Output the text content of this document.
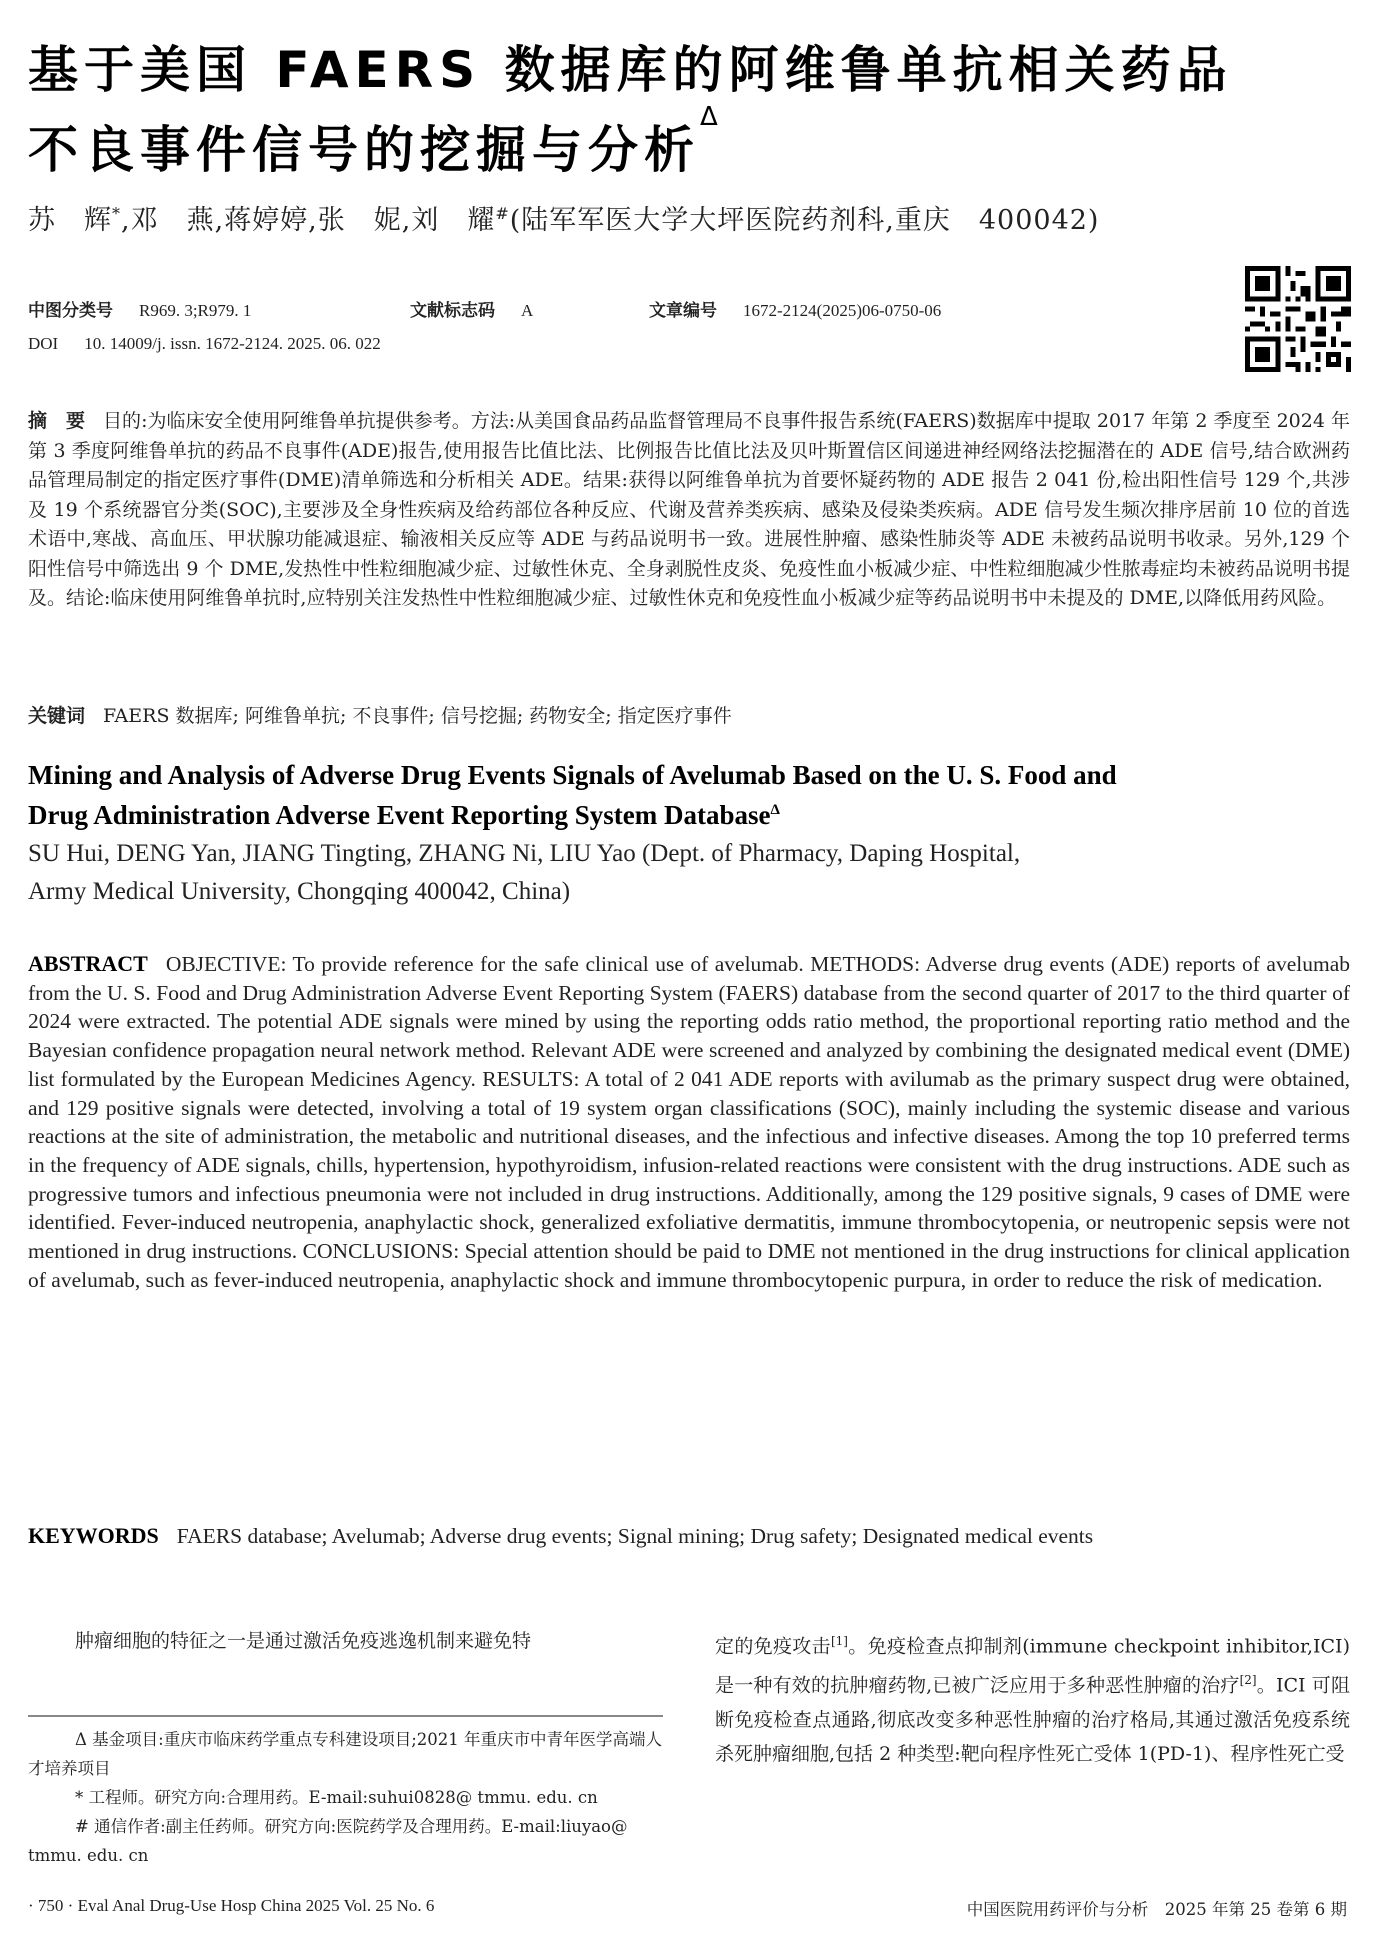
基于美国 FAERS 数据库的阿维鲁单抗相关药品
不良事件信号的挖掘与分析$^\Delta$
苏　辉*,邓　燕,蒋婷婷,张　妮,刘　耀#(陆军军医大学大坪医院药剂科,重庆　400042)
中图分类号 R969. 3;R979. 1	文献标志码 A	文章编号 1672-2124(2025)06-0750-06
DOI 10. 14009/j. issn. 1672-2124. 2025. 06. 022
摘　要 目的:为临床安全使用阿维鲁单抗提供参考。方法:从美国食品药品监督管理局不良事件报告系统(FAERS)数据库中提取 2017 年第 2 季度至 2024 年第 3 季度阿维鲁单抗的药品不良事件(ADE)报告,使用报告比值比法、比例报告比值比法及贝叶斯置信区间递进神经网络法挖掘潜在的 ADE 信号,结合欧洲药品管理局制定的指定医疗事件(DME)清单筛选和分析相关 ADE。结果:获得以阿维鲁单抗为首要怀疑药物的 ADE 报告 2 041 份,检出阳性信号 129 个,共涉及 19 个系统器官分类(SOC),主要涉及全身性疾病及给药部位各种反应、代谢及营养类疾病、感染及侵染类疾病。ADE 信号发生频次排序居前 10 位的首选术语中,寒战、高血压、甲状腺功能减退症、输液相关反应等 ADE 与药品说明书一致。进展性肿瘤、感染性肺炎等 ADE 未被药品说明书收录。另外,129 个阳性信号中筛选出 9 个 DME,发热性中性粒细胞减少症、过敏性休克、全身剥脱性皮炎、免疫性血小板减少症、中性粒细胞减少性脓毒症均未被药品说明书提及。结论:临床使用阿维鲁单抗时,应特别关注发热性中性粒细胞减少症、过敏性休克和免疫性血小板减少症等药品说明书中未提及的 DME,以降低用药风险。
关键词 FAERS 数据库; 阿维鲁单抗; 不良事件; 信号挖掘; 药物安全; 指定医疗事件
Mining and Analysis of Adverse Drug Events Signals of Avelumab Based on the U. S. Food and
Drug Administration Adverse Event Reporting System Database$^\Delta$
SU Hui, DENG Yan, JIANG Tingting, ZHANG Ni, LIU Yao (Dept. of Pharmacy, Daping Hospital,
Army Medical University, Chongqing 400042, China)
ABSTRACT OBJECTIVE: To provide reference for the safe clinical use of avelumab. METHODS: Adverse drug events (ADE) reports of avelumab from the U. S. Food and Drug Administration Adverse Event Reporting System (FAERS) database from the second quarter of 2017 to the third quarter of 2024 were extracted. The potential ADE signals were mined by using the reporting odds ratio method, the proportional reporting ratio method and the Bayesian confidence propagation neural network method. Relevant ADE were screened and analyzed by combining the designated medical event (DME) list formulated by the European Medicines Agency. RESULTS: A total of 2 041 ADE reports with avilumab as the primary suspect drug were obtained, and 129 positive signals were detected, involving a total of 19 system organ classifications (SOC), mainly including the systemic disease and various reactions at the site of administration, the metabolic and nutritional diseases, and the infectious and infective diseases. Among the top 10 preferred terms in the frequency of ADE signals, chills, hypertension, hypothyroidism, infusion-related reactions were consistent with the drug instructions. ADE such as progressive tumors and infectious pneumonia were not included in drug instructions. Additionally, among the 129 positive signals, 9 cases of DME were identified. Fever-induced neutropenia, anaphylactic shock, generalized exfoliative dermatitis, immune thrombocytopenia, or neutropenic sepsis were not mentioned in drug instructions. CONCLUSIONS: Special attention should be paid to DME not mentioned in the drug instructions for clinical application of avelumab, such as fever-induced neutropenia, anaphylactic shock and immune thrombocytopenic purpura, in order to reduce the risk of medication.
KEYWORDS FAERS database; Avelumab; Adverse drug events; Signal mining; Drug safety; Designated medical events
肿瘤细胞的特征之一是通过激活免疫逃逸机制来避免特
Δ 基金项目:重庆市临床药学重点专科建设项目;2021 年重庆市中青年医学高端人才培养项目
* 工程师。研究方向:合理用药。E-mail:suhui0828@ tmmu. edu. cn
# 通信作者:副主任药师。研究方向:医院药学及合理用药。E-mail:liuyao@ tmmu. edu. cn
定的免疫攻击[1]。免疫检查点抑制剂(immune checkpoint inhibitor,ICI)是一种有效的抗肿瘤药物,已被广泛应用于多种恶性肿瘤的治疗[2]。ICI 可阻断免疫检查点通路,彻底改变多种恶性肿瘤的治疗格局,其通过激活免疫系统杀死肿瘤细胞,包括 2 种类型:靶向程序性死亡受体 1(PD-1)、程序性死亡受
· 750 · Eval Anal Drug-Use Hosp China 2025 Vol. 25 No. 6	中国医院用药评价与分析　2025 年第 25 卷第 6 期
